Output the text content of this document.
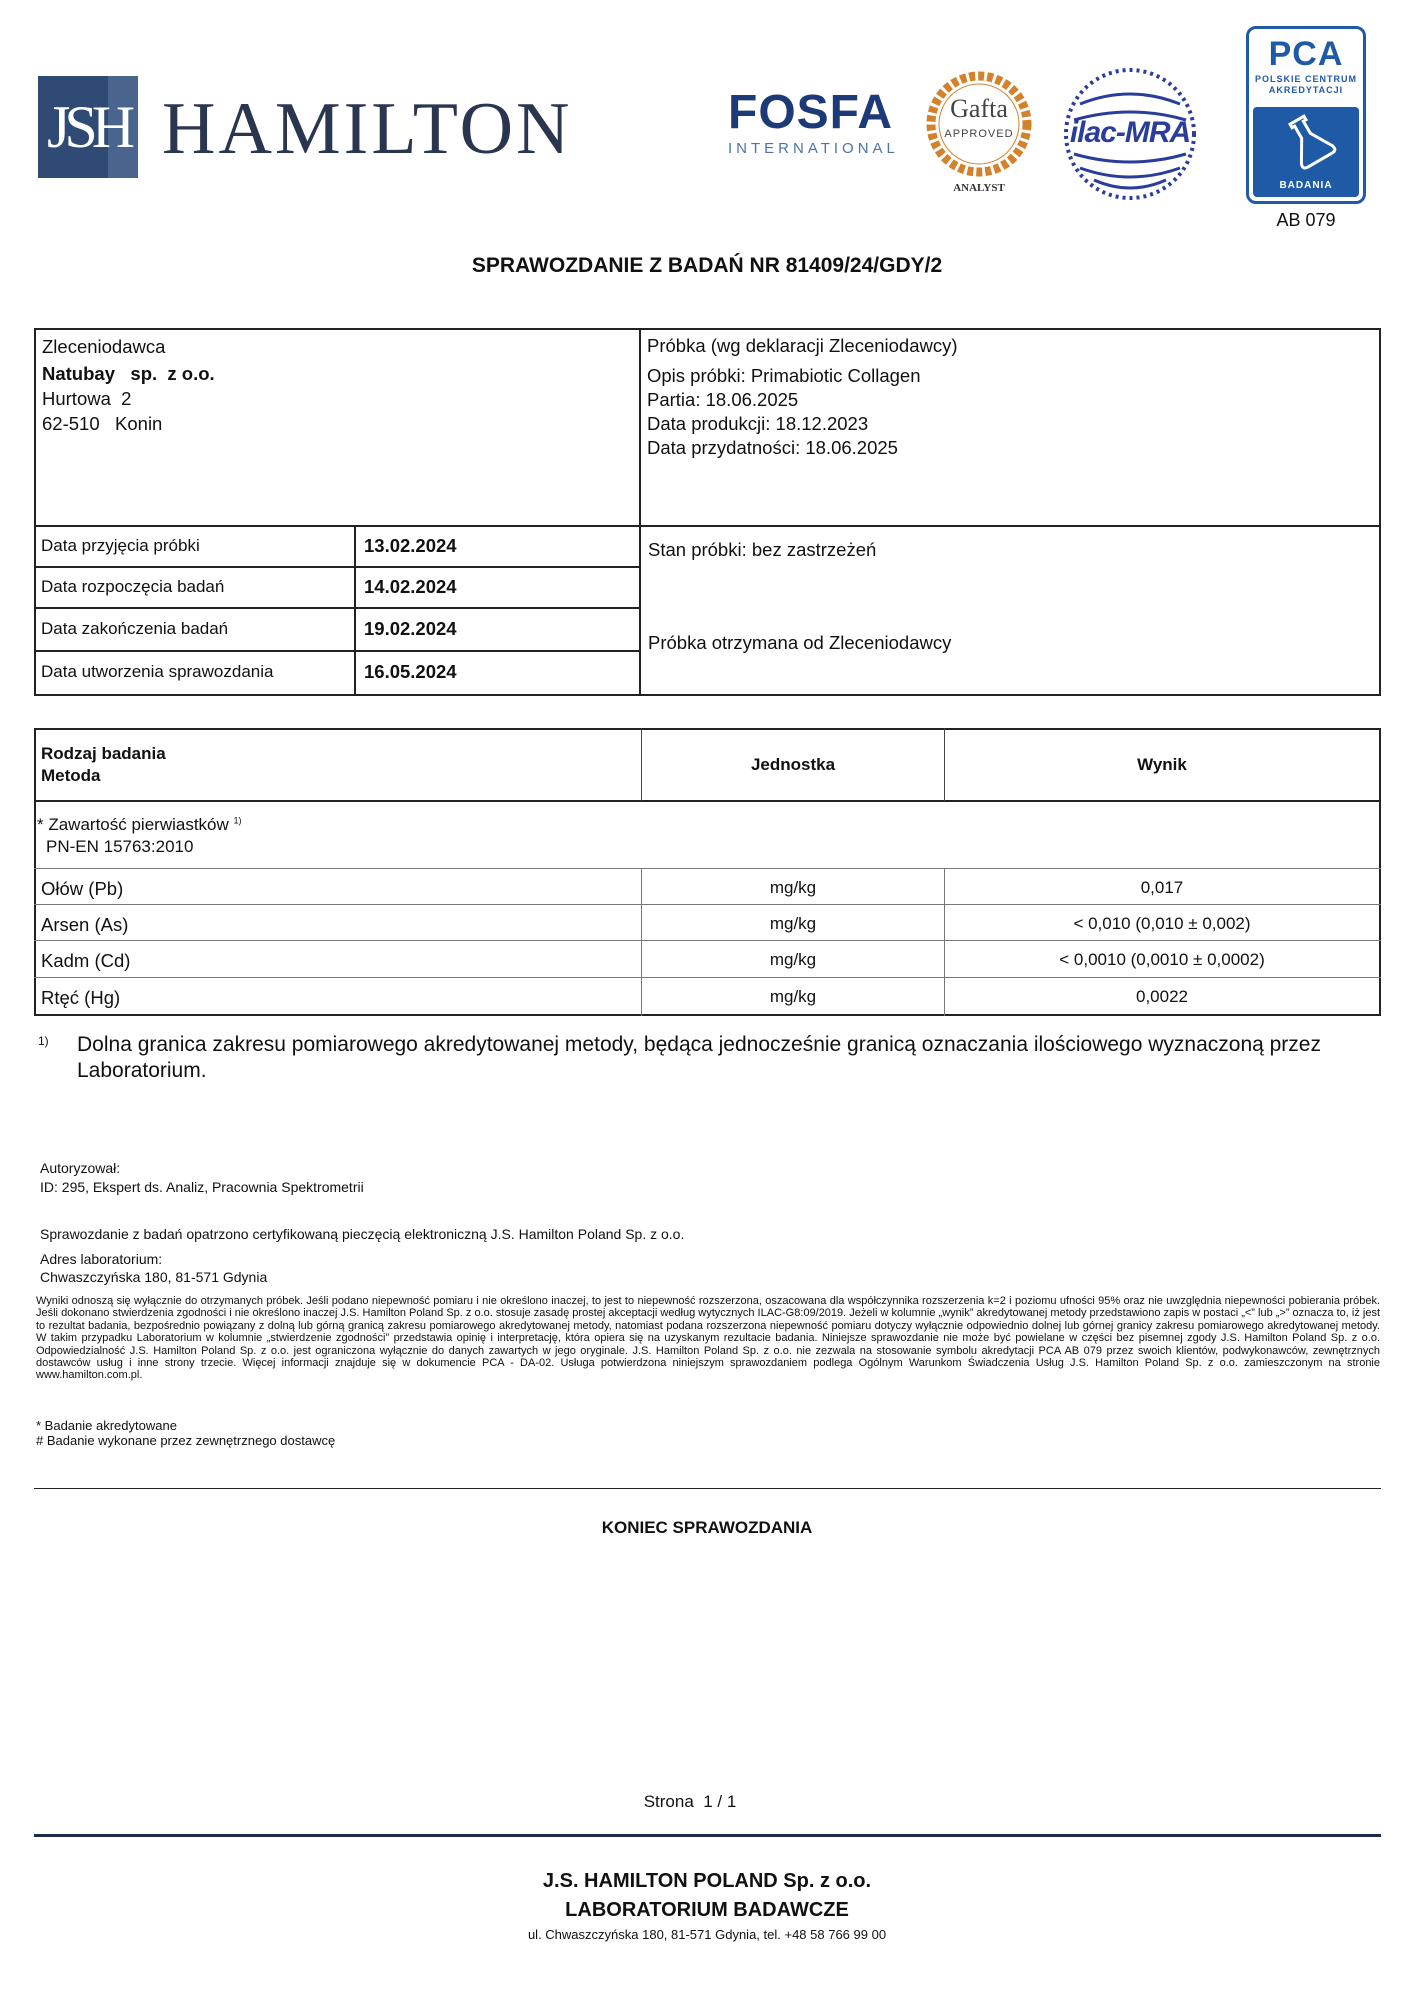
JSH HAMILTON	FOSFA
INTERNATIONAL
Gafta
APPROVED
ANALYST
ilac-MRA
PCA
POLSKIE CENTRUM
AKREDYTACJI
BADANIA
AB 079
SPRAWOZDANIE Z BADAŃ NR 81409/24/GDY/2
Zleceniodawca
Natubay   sp.  z o.o.
Hurtowa  2
62-510   Konin
Próbka (wg deklaracji Zleceniodawcy)
Opis próbki: Primabiotic Collagen
Partia: 18.06.2025
Data produkcji: 18.12.2023
Data przydatności: 18.06.2025
Data przyjęcia próbki	13.02.2024
Data rozpoczęcia badań	14.02.2024
Data zakończenia badań	19.02.2024
Data utworzenia sprawozdania	16.05.2024
Stan próbki: bez zastrzeżeń
Próbka otrzymana od Zleceniodawcy
Rodzaj badania
Metoda
Jednostka	Wynik
* Zawartość pierwiastków $^{1)}$
PN-EN 15763:2010
Ołów (Pb)	mg/kg	0,017
Arsen (As)	mg/kg	< 0,010 (0,010 ± 0,002)
Kadm (Cd)	mg/kg	< 0,0010 (0,0010 ± 0,0002)
Rtęć (Hg)	mg/kg	0,0022
1) Dolna granica zakresu pomiarowego akredytowanej metody, będąca jednocześnie granicą oznaczania ilościowego wyznaczoną przez Laboratorium.
Autoryzował:
ID: 295, Ekspert ds. Analiz, Pracownia Spektrometrii
Sprawozdanie z badań opatrzono certyfikowaną pieczęcią elektroniczną J.S. Hamilton Poland Sp. z o.o.
Adres laboratorium:
Chwaszczyńska 180, 81-571 Gdynia
Wyniki odnoszą się wyłącznie do otrzymanych próbek. Jeśli podano niepewność pomiaru i nie określono inaczej, to jest to niepewność rozszerzona, oszacowana dla współczynnika rozszerzenia k=2 i poziomu ufności 95% oraz nie uwzględnia niepewności pobierania próbek. Jeśli dokonano stwierdzenia zgodności i nie określono inaczej J.S. Hamilton Poland Sp. z o.o. stosuje zasadę prostej akceptacji według wytycznych ILAC-G8:09/2019. Jeżeli w kolumnie „wynik” akredytowanej metody przedstawiono zapis w postaci „<” lub „>” oznacza to, iż jest to rezultat badania, bezpośrednio powiązany z dolną lub górną granicą zakresu pomiarowego akredytowanej metody, natomiast podana rozszerzona niepewność pomiaru dotyczy wyłącznie odpowiednio dolnej lub górnej granicy zakresu pomiarowego akredytowanej metody. W takim przypadku Laboratorium w kolumnie „stwierdzenie zgodności” przedstawia opinię i interpretację, która opiera się na uzyskanym rezultacie badania. Niniejsze sprawozdanie nie może być powielane w części bez pisemnej zgody J.S. Hamilton Poland Sp. z o.o. Odpowiedzialność J.S. Hamilton Poland Sp. z o.o. jest ograniczona wyłącznie do danych zawartych w jego oryginale. J.S. Hamilton Poland Sp. z o.o. nie zezwala na stosowanie symbolu akredytacji PCA AB 079 przez swoich klientów, podwykonawców, zewnętrznych dostawców usług i inne strony trzecie. Więcej informacji znajduje się w dokumencie PCA - DA-02. Usługa potwierdzona niniejszym sprawozdaniem podlega Ogólnym Warunkom Świadczenia Usług J.S. Hamilton Poland Sp. z o.o. zamieszczonym na stronie www.hamilton.com.pl.
* Badanie akredytowane
# Badanie wykonane przez zewnętrznego dostawcę
KONIEC SPRAWOZDANIA
Strona  1 / 1
J.S. HAMILTON POLAND Sp. z o.o.
LABORATORIUM BADAWCZE
ul. Chwaszczyńska 180, 81-571 Gdynia, tel. +48 58 766 99 00
